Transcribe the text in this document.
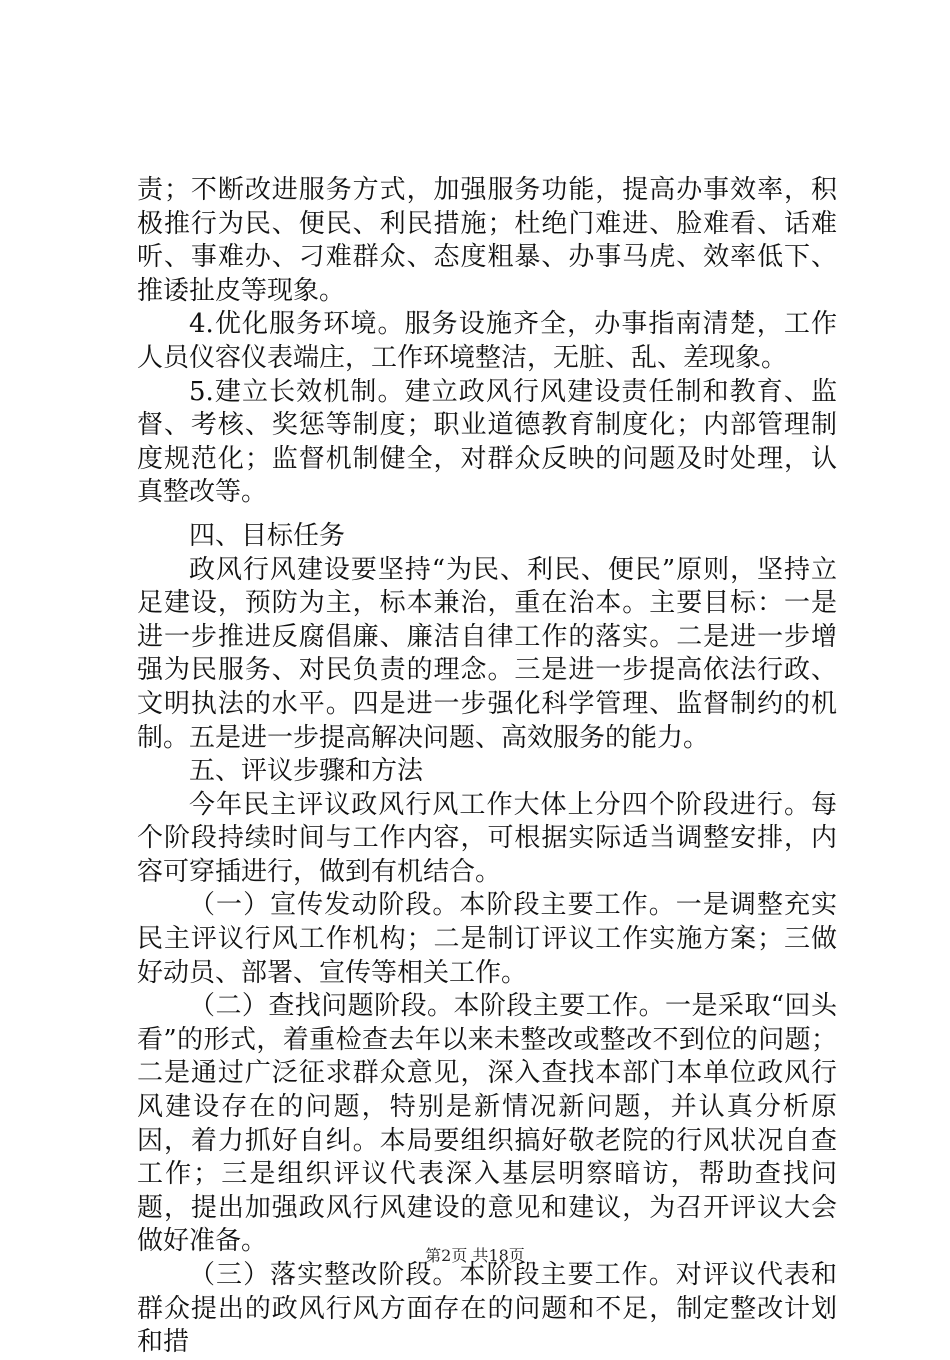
责；不断改进服务方式，加强服务功能，提高办事效率，积极推行为民、便民、利民措施；杜绝门难进、脸难看、话难听、事难办、刁难群众、态度粗暴、办事马虎、效率低下、推诿扯皮等现象。

4.优化服务环境。服务设施齐全，办事指南清楚，工作人员仪容仪表端庄，工作环境整洁，无脏、乱、差现象。

5.建立长效机制。建立政风行风建设责任制和教育、监督、考核、奖惩等制度；职业道德教育制度化；内部管理制度规范化；监督机制健全，对群众反映的问题及时处理，认真整改等。

四、目标任务

政风行风建设要坚持“为民、利民、便民”原则，坚持立足建设，预防为主，标本兼治，重在治本。主要目标：一是进一步推进反腐倡廉、廉洁自律工作的落实。二是进一步增强为民服务、对民负责的理念。三是进一步提高依法行政、文明执法的水平。四是进一步强化科学管理、监督制约的机制。五是进一步提高解决问题、高效服务的能力。

五、评议步骤和方法

今年民主评议政风行风工作大体上分四个阶段进行。每个阶段持续时间与工作内容，可根据实际适当调整安排，内容可穿插进行，做到有机结合。

（一）宣传发动阶段。本阶段主要工作。一是调整充实民主评议行风工作机构；二是制订评议工作实施方案；三做好动员、部署、宣传等相关工作。

（二）查找问题阶段。本阶段主要工作。一是采取“回头看”的形式，着重检查去年以来未整改或整改不到位的问题；二是通过广泛征求群众意见，深入查找本部门本单位政风行风建设存在的问题，特别是新情况新问题，并认真分析原因，着力抓好自纠。本局要组织搞好敬老院的行风状况自查工作；三是组织评议代表深入基层明察暗访，帮助查找问题，提出加强政风行风建设的意见和建议，为召开评议大会做好准备。

（三）落实整改阶段。本阶段主要工作。对评议代表和群众提出的政风行风方面存在的问题和不足，制定整改计划和措

第2页 共18页
